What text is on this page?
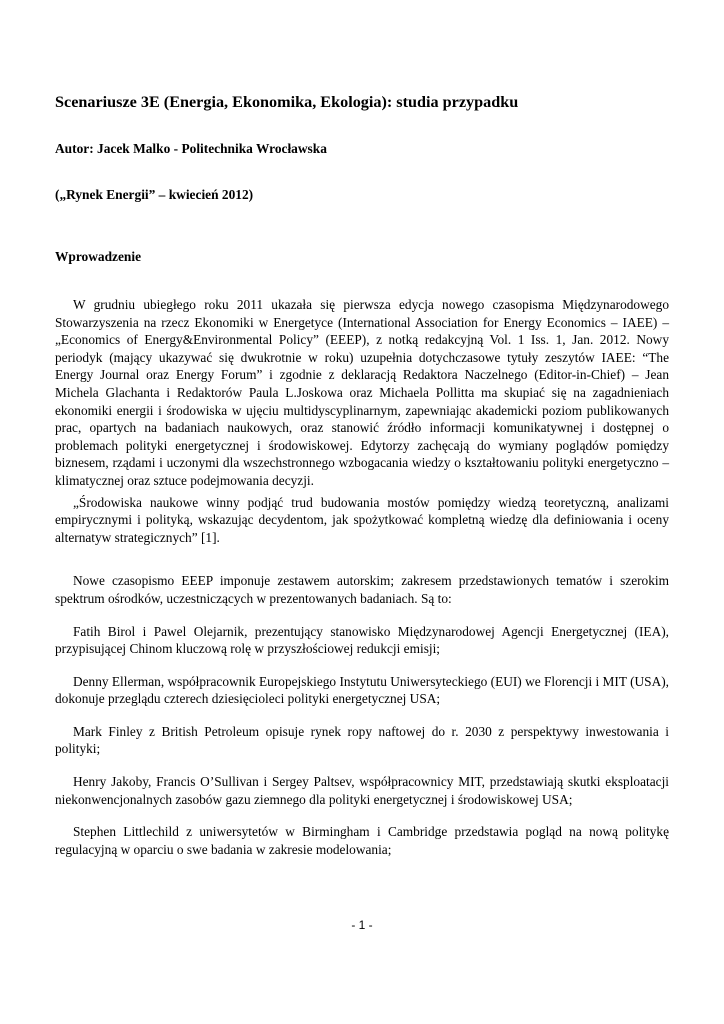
Scenariusze 3E (Energia, Ekonomika, Ekologia): studia przypadku

Autor: Jacek Malko - Politechnika Wrocławska

(„Rynek Energii” – kwiecień 2012)

Wprowadzenie

W grudniu ubiegłego roku 2011 ukazała się pierwsza edycja nowego czasopisma Międzynarodowego Stowarzyszenia na rzecz Ekonomiki w Energetyce (International Association for Energy Economics – IAEE) – „Economics of Energy&Environmental Policy” (EEEP), z notką redakcyjną Vol. 1 Iss. 1, Jan. 2012. Nowy periodyk (mający ukazywać się dwukrotnie w roku) uzupełnia dotychczasowe tytuły zeszytów IAEE: “The Energy Journal oraz Energy Forum” i zgodnie z deklaracją Redaktora Naczelnego (Editor-in-Chief) – Jean Michela Glachanta i Redaktorów Paula L.Joskowa oraz Michaela Pollitta ma skupiać się na zagadnieniach ekonomiki energii i środowiska w ujęciu multidyscyplinarnym, zapewniając akademicki poziom publikowanych prac, opartych na badaniach naukowych, oraz stanowić źródło informacji komunikatywnej i dostępnej o problemach polityki energetycznej i środowiskowej. Edytorzy zachęcają do wymiany poglądów pomiędzy biznesem, rządami i uczonymi dla wszechstronnego wzbogacania wiedzy o kształtowaniu polityki energetyczno – klimatycznej oraz sztuce podejmowania decyzji.

„Środowiska naukowe winny podjąć trud budowania mostów pomiędzy wiedzą teoretyczną, analizami empirycznymi i polityką, wskazując decydentom, jak spożytkować kompletną wiedzę dla definiowania i oceny alternatyw strategicznych” [1].

Nowe czasopismo EEEP imponuje zestawem autorskim; zakresem przedstawionych tematów i szerokim spektrum ośrodków, uczestniczących w prezentowanych badaniach. Są to:

Fatih Birol i Pawel Olejarnik, prezentujący stanowisko Międzynarodowej Agencji Energetycznej (IEA), przypisującej Chinom kluczową rolę w przyszłościowej redukcji emisji;

Denny Ellerman, współpracownik Europejskiego Instytutu Uniwersyteckiego (EUI) we Florencji i MIT (USA), dokonuje przeglądu czterech dziesięcioleci polityki energetycznej USA;

Mark Finley z British Petroleum opisuje rynek ropy naftowej do r. 2030 z perspektywy inwestowania i polityki;

Henry Jakoby, Francis O’Sullivan i Sergey Paltsev, współpracownicy MIT, przedstawiają skutki eksploatacji niekonwencjonalnych zasobów gazu ziemnego dla polityki energetycznej i środowiskowej USA;

Stephen Littlechild z uniwersytetów w Birmingham i Cambridge przedstawia pogląd na nową politykę regulacyjną w oparciu o swe badania w zakresie modelowania;

- 1 -
